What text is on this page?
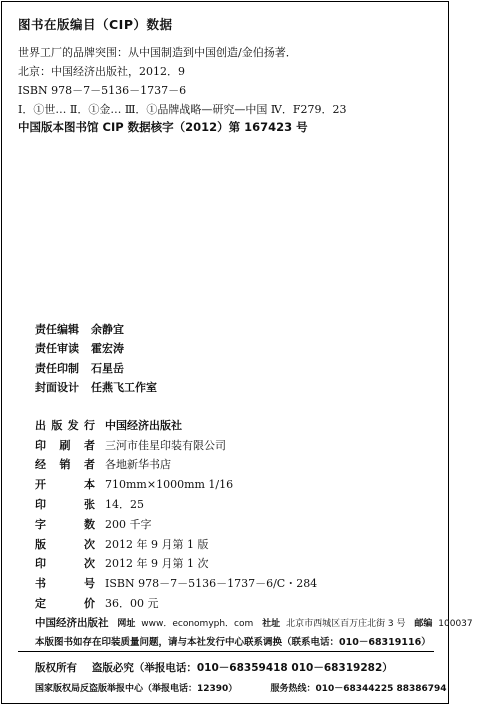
图书在版编目（CIP）数据
世界工厂的品牌突围：从中国制造到中国创造/金伯扬著．
北京：中国经济出版社，2012．9
ISBN 978－7－5136－1737－6
Ⅰ．①世… Ⅱ．①金… Ⅲ．①品牌战略—研究—中国 Ⅳ．F279．23
中国版本图书馆 CIP 数据核字（2012）第 167423 号
责任编辑	余静宜
责任审读	霍宏涛
责任印制	石星岳
封面设计	任燕飞工作室
出版发行 中国经济出版社
印刷者 三河市佳星印装有限公司
经销者 各地新华书店
开本 710mm×1000mm 1/16
印张 14．25
字数 200 千字
版次 2012 年 9 月第 1 版
印次 2012 年 9 月第 1 次
书号 ISBN 978－7－5136－1737－6/C・284
定价 36．00 元
中国经济出版社 网址 www．economyph．com 社址 北京市西城区百万庄北街 3 号 邮编 100037
本版图书如存在印装质量问题，请与本社发行中心联系调换（联系电话：010－68319116）
版权所有 盗版必究（举报电话：010－68359418 010－68319282）
国家版权局反盗版举报中心（举报电话：12390）	服务热线：010－68344225 88386794
